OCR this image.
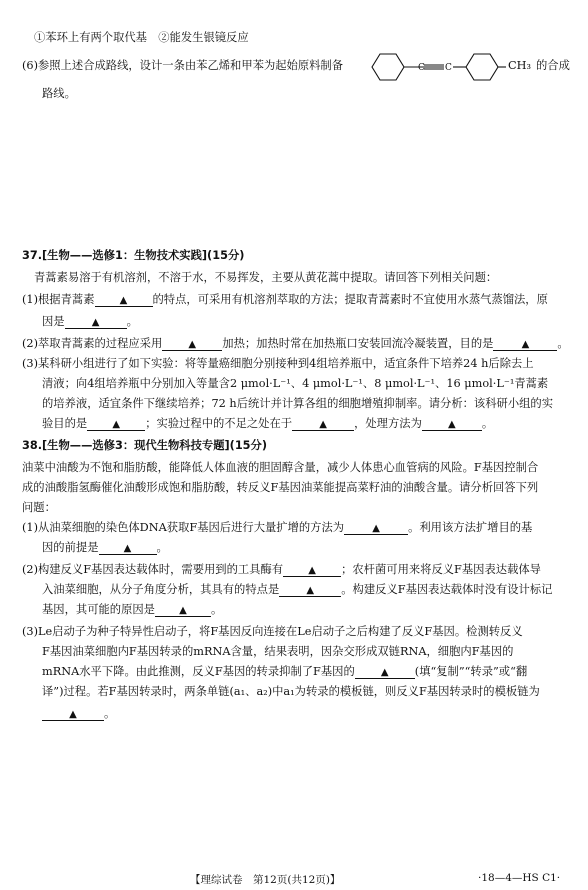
①苯环上有两个取代基　②能发生银镜反应
(6)参照上述合成路线，设计一条由苯乙烯和甲苯为起始原料制备	C C	CH₃ 的合成
路线。
37.[生物——选修1：生物技术实践](15分)
青蒿素易溶于有机溶剂，不溶于水，不易挥发，主要从黄花蒿中提取。请回答下列相关问题：
(1)根据青蒿素	▲ 的特点，可采用有机溶剂萃取的方法；提取青蒿素时不宜使用水蒸气蒸馏法，原
因是	▲ 。
(2)萃取青蒿素的过程应采用	▲ 加热；加热时常在加热瓶口安装回流冷凝装置，目的是	▲ 。
(3)某科研小组进行了如下实验：将等量癌细胞分别接种到4组培养瓶中，适宜条件下培养24 h后除去上
清液；向4组培养瓶中分别加入等量含2 μmol·L⁻¹、4 μmol·L⁻¹、8 μmol·L⁻¹、16 μmol·L⁻¹青蒿素
的培养液，适宜条件下继续培养；72 h后统计并计算各组的细胞增殖抑制率。请分析：该科研小组的实
验目的是	▲ ；实验过程中的不足之处在于	▲ ，处理方法为	▲ 。
38.[生物——选修3：现代生物科技专题](15分)
油菜中油酸为不饱和脂肪酸，能降低人体血液的胆固醇含量，减少人体患心血管病的风险。F基因控制合
成的油酸脂氢酶催化油酸形成饱和脂肪酸，转反义F基因油菜能提高菜籽油的油酸含量。请分析回答下列
问题：
(1)从油菜细胞的染色体DNA获取F基因后进行大量扩增的方法为	▲ 。利用该方法扩增目的基
因的前提是	▲ 。
(2)构建反义F基因表达载体时，需要用到的工具酶有	▲ ；农杆菌可用来将反义F基因表达载体导
入油菜细胞，从分子角度分析，其具有的特点是	▲ 。构建反义F基因表达载体时没有设计标记
基因，其可能的原因是 ▲ 。
(3)Le启动子为种子特异性启动子，将F基因反向连接在Le启动子之后构建了反义F基因。检测转反义
F基因油菜细胞内F基因转录的mRNA含量，结果表明，因杂交形成双链RNA，细胞内F基因的
mRNA水平下降。由此推测，反义F基因的转录抑制了F基因的	▲ (填“复制”“转录”或“翻
译”)过程。若F基因转录时，两条单链(a₁、a₂)中a₁为转录的模板链，则反义F基因转录时的模板链为
▲ 。
【理综试卷　第12页(共12页)】	·18—4—HS C1·
